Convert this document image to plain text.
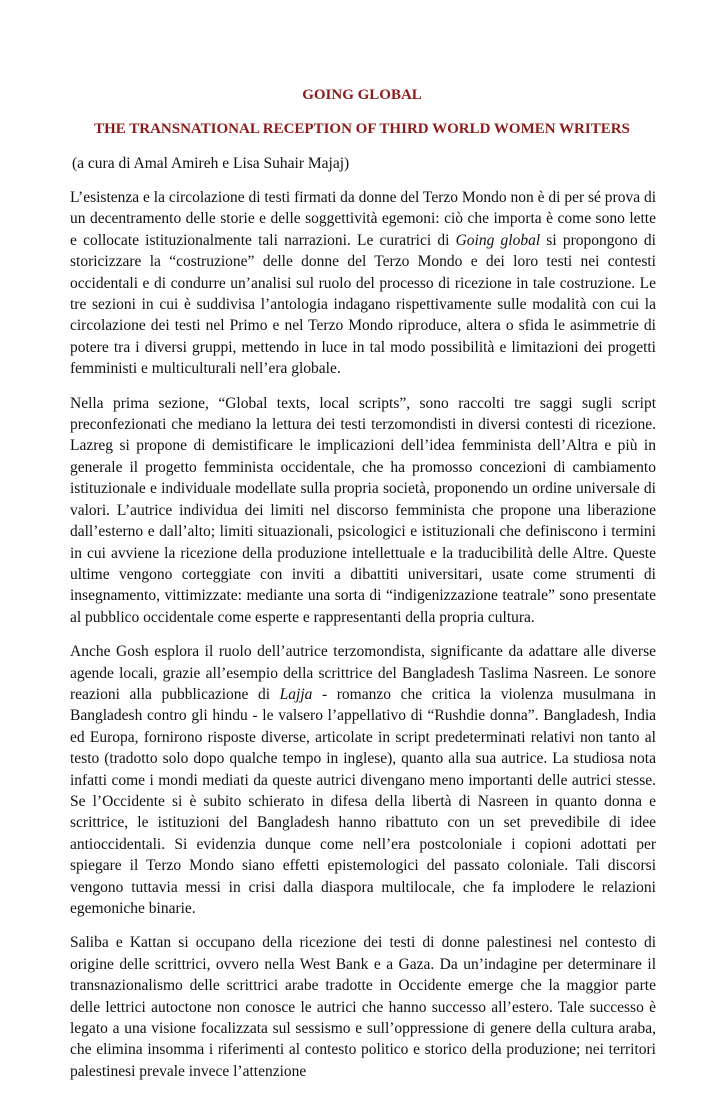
GOING GLOBAL
THE TRANSNATIONAL RECEPTION OF THIRD WORLD WOMEN WRITERS

(a cura di Amal Amireh e Lisa Suhair Majaj)

L’esistenza e la circolazione di testi firmati da donne del Terzo Mondo non è di per sé prova di un decentramento delle storie e delle soggettività egemoni: ciò che importa è come sono lette e collocate istituzionalmente tali narrazioni. Le curatrici di Going global si propongono di storicizzare la “costruzione” delle donne del Terzo Mondo e dei loro testi nei contesti occidentali e di condurre un’analisi sul ruolo del processo di ricezione in tale costruzione. Le tre sezioni in cui è suddivisa l’antologia indagano rispettivamente sulle modalità con cui la circolazione dei testi nel Primo e nel Terzo Mondo riproduce, altera o sfida le asimmetrie di potere tra i diversi gruppi, mettendo in luce in tal modo possibilità e limitazioni dei progetti femministi e multiculturali nell’era globale.

Nella prima sezione, “Global texts, local scripts”, sono raccolti tre saggi sugli script preconfezionati che mediano la lettura dei testi terzomondisti in diversi contesti di ricezione. Lazreg si propone di demistificare le implicazioni dell’idea femminista dell’Altra e più in generale il progetto femminista occidentale, che ha promosso concezioni di cambiamento istituzionale e individuale modellate sulla propria società, proponendo un ordine universale di valori. L’autrice individua dei limiti nel discorso femminista che propone una liberazione dall’esterno e dall’alto; limiti situazionali, psicologici e istituzionali che definiscono i termini in cui avviene la ricezione della produzione intellettuale e la traducibilità delle Altre. Queste ultime vengono corteggiate con inviti a dibattiti universitari, usate come strumenti di insegnamento, vittimizzate: mediante una sorta di “indigenizzazione teatrale” sono presentate al pubblico occidentale come esperte e rappresentanti della propria cultura.

Anche Gosh esplora il ruolo dell’autrice terzomondista, significante da adattare alle diverse agende locali, grazie all’esempio della scrittrice del Bangladesh Taslima Nasreen. Le sonore reazioni alla pubblicazione di Lajja - romanzo che critica la violenza musulmana in Bangladesh contro gli hindu - le valsero l’appellativo di “Rushdie donna”. Bangladesh, India ed Europa, fornirono risposte diverse, articolate in script predeterminati relativi non tanto al testo (tradotto solo dopo qualche tempo in inglese), quanto alla sua autrice. La studiosa nota infatti come i mondi mediati da queste autrici divengano meno importanti delle autrici stesse. Se l’Occidente si è subito schierato in difesa della libertà di Nasreen in quanto donna e scrittrice, le istituzioni del Bangladesh hanno ribattuto con un set prevedibile di idee antioccidentali. Si evidenzia dunque come nell’era postcoloniale i copioni adottati per spiegare il Terzo Mondo siano effetti epistemologici del passato coloniale. Tali discorsi vengono tuttavia messi in crisi dalla diaspora multilocale, che fa implodere le relazioni egemoniche binarie.

Saliba e Kattan si occupano della ricezione dei testi di donne palestinesi nel contesto di origine delle scrittrici, ovvero nella West Bank e a Gaza. Da un’indagine per determinare il transnazionalismo delle scrittrici arabe tradotte in Occidente emerge che la maggior parte delle lettrici autoctone non conosce le autrici che hanno successo all’estero. Tale successo è legato a una visione focalizzata sul sessismo e sull’oppressione di genere della cultura araba, che elimina insomma i riferimenti al contesto politico e storico della produzione; nei territori palestinesi prevale invece l’attenzione
